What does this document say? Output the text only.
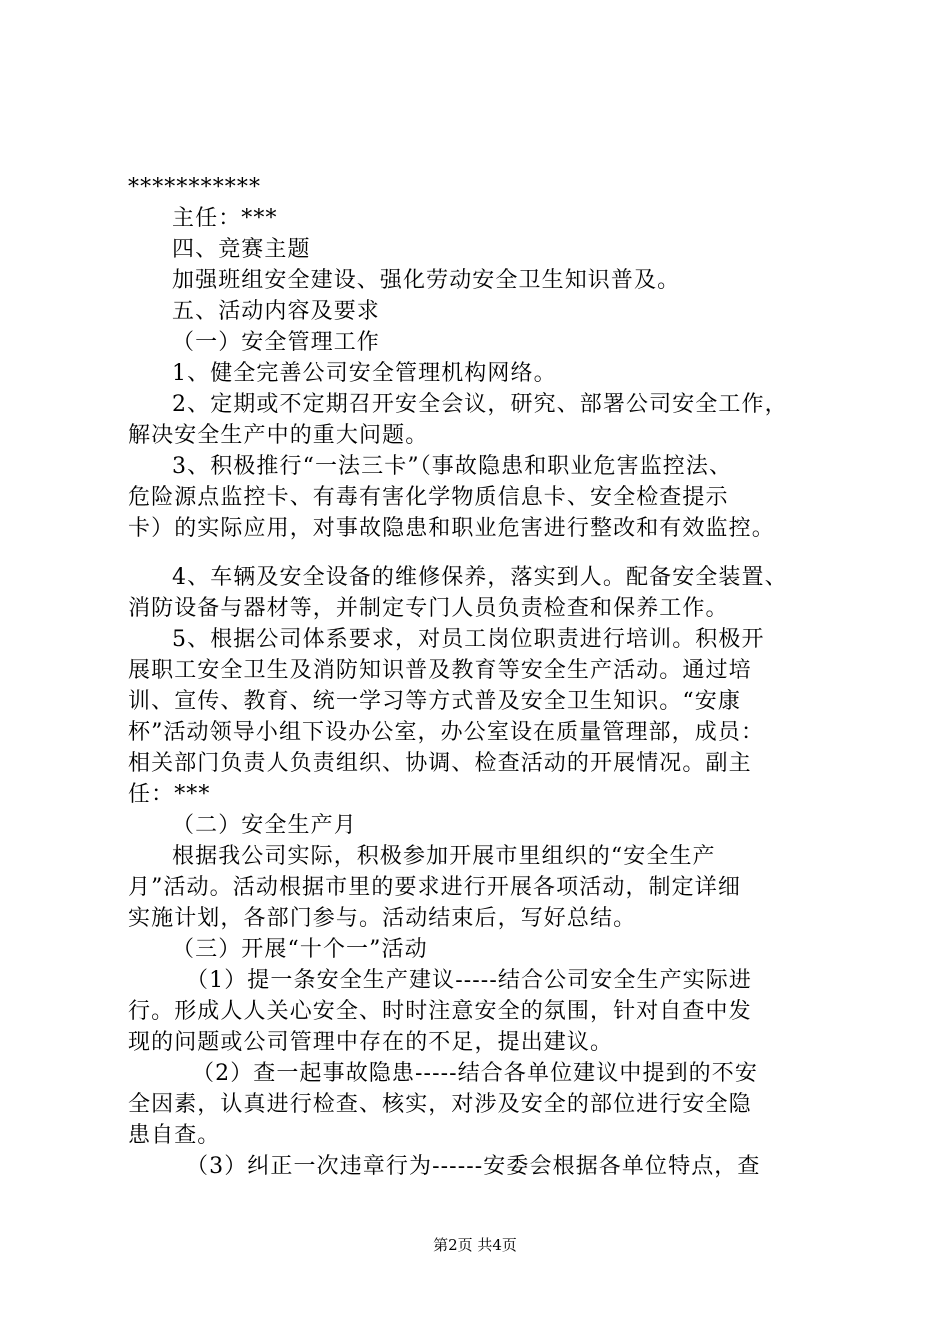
***********
主任：***
四、竞赛主题
加强班组安全建设、强化劳动安全卫生知识普及。
五、活动内容及要求
（一）安全管理工作
1、健全完善公司安全管理机构网络。
2、定期或不定期召开安全会议，研究、部署公司安全工作，
解决安全生产中的重大问题。
3、积极推行“一法三卡”（事故隐患和职业危害监控法、
危险源点监控卡、有毒有害化学物质信息卡、安全检查提示
卡）的实际应用，对事故隐患和职业危害进行整改和有效监控。
4、车辆及安全设备的维修保养，落实到人。配备安全装置、
消防设备与器材等，并制定专门人员负责检查和保养工作。
5、根据公司体系要求，对员工岗位职责进行培训。积极开
展职工安全卫生及消防知识普及教育等安全生产活动。通过培
训、宣传、教育、统一学习等方式普及安全卫生知识。“安康
杯”活动领导小组下设办公室，办公室设在质量管理部，成员：
相关部门负责人负责组织、协调、检查活动的开展情况。副主
任：***
（二）安全生产月
根据我公司实际，积极参加开展市里组织的“安全生产
月”活动。活动根据市里的要求进行开展各项活动，制定详细
实施计划，各部门参与。活动结束后，写好总结。
（三）开展“十个一”活动
（1）提一条安全生产建议-----结合公司安全生产实际进
行。形成人人关心安全、时时注意安全的氛围，针对自查中发
现的问题或公司管理中存在的不足，提出建议。
（2）查一起事故隐患-----结合各单位建议中提到的不安
全因素，认真进行检查、核实，对涉及安全的部位进行安全隐
患自查。
（3）纠正一次违章行为------安委会根据各单位特点，查
第2页 共4页
